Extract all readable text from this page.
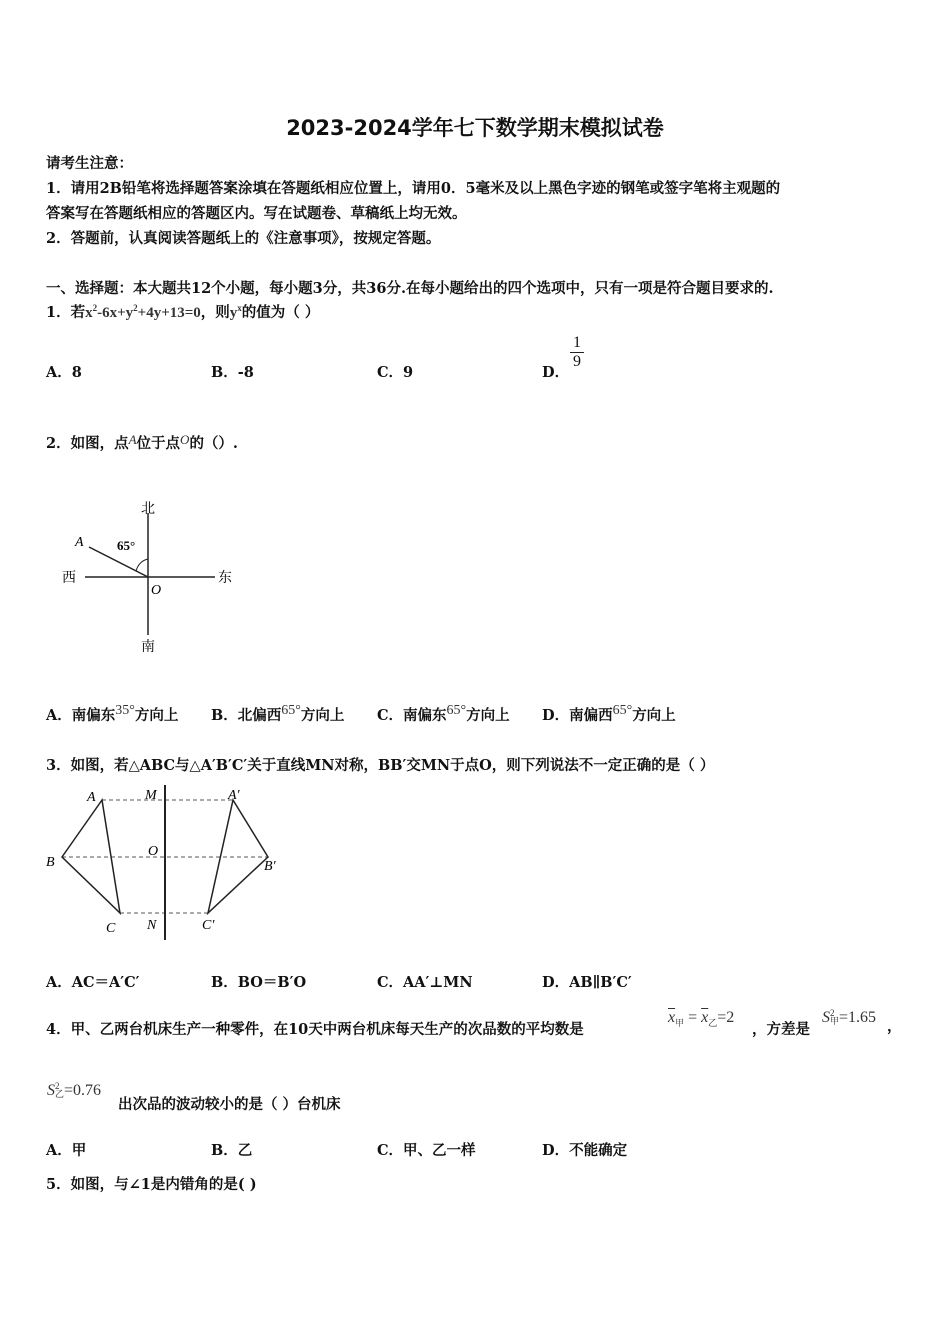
2023-2024学年七下数学期末模拟试卷
请考生注意：
1．请用2B铅笔将选择题答案涂填在答题纸相应位置上，请用0．5毫米及以上黑色字迹的钢笔或签字笔将主观题的
答案写在答题纸相应的答题区内。写在试题卷、草稿纸上均无效。
2．答题前，认真阅读答题纸上的《注意事项》，按规定答题。
一、选择题：本大题共12个小题，每小题3分，共36分.在每小题给出的四个选项中，只有一项是符合题目要求的.
1．若$x^2-6x+y^2+4y+13=0$，则$y^x$的值为（ ）
A．8	B．-8	C．9	D．
$\frac{1}{9}$
2．如图，点A位于点O的（）.
北
南
东
西
A
O
65°
A．南偏东35°方向上 B．北偏西65°方向上 C．南偏东65°方向上 D．南偏西65°方向上
3．如图，若△ABC与△A′B′C′关于直线MN对称，BB′交MN于点O，则下列说法不一定正确的是（ ）
A
B
C
M
O
N
A′
B′
C′
A．AC＝A′C′	B．BO＝B′O	C．AA′⊥MN	D．AB∥B′C′
4．甲、乙两台机床生产一种零件，在10天中两台机床每天生产的次品数的平均数是
$\overline{x}_甲 = \overline{x}_乙=2$
，方差是
S 2
甲 =1.65
，
S 2
乙 =0.76
出次品的波动较小的是（ ）台机床
A．甲	B．乙	C．甲、乙一样	D．不能确定
5．如图，与∠1是内错角的是( )
